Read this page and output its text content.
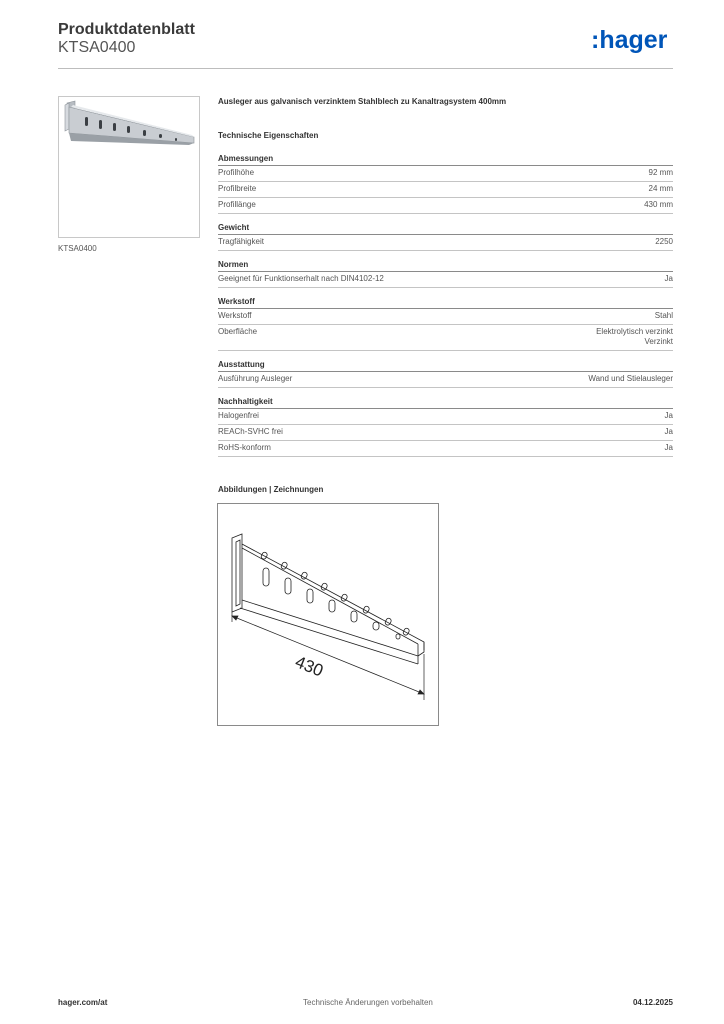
Produktdatenblatt
KTSA0400	:hager
KTSA0400
Ausleger aus galvanisch verzinktem Stahlblech zu Kanaltragsystem 400mm
Technische Eigenschaften
Abmessungen
Profilhöhe	92 mm
Profilbreite	24 mm
Profillänge	430 mm
Gewicht
Tragfähigkeit	2250
Normen
Geeignet für Funktionserhalt nach DIN4102-12	Ja
Werkstoff
Werkstoff	Stahl
Oberfläche	Elektrolytisch verzinkt
Verzinkt
Ausstattung
Ausführung Ausleger	Wand und Stielausleger
Nachhaltigkeit
Halogenfrei	Ja
REACh-SVHC frei	Ja
RoHS-konform	Ja
Abbildungen | Zeichnungen
430
hager.com/at	Technische Änderungen vorbehalten	04.12.2025
